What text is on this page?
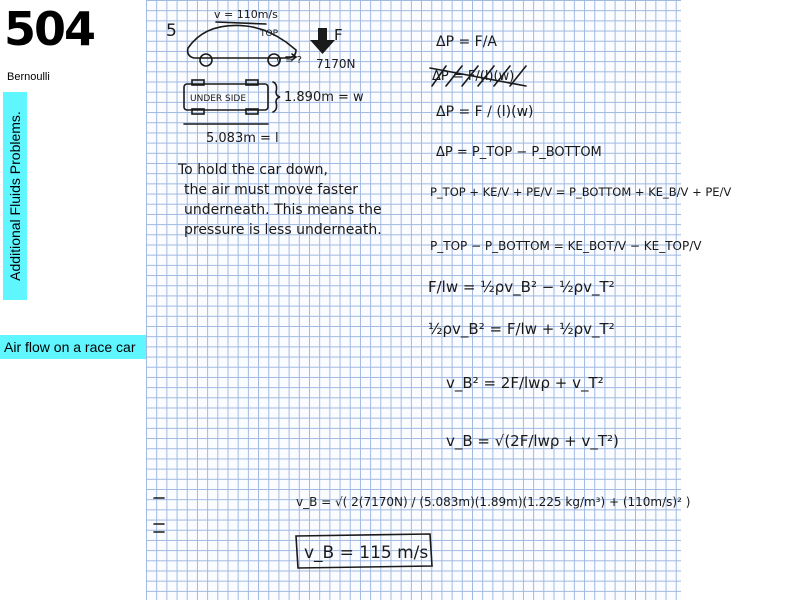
504
Bernoulli
Additional Fluids Problems.
Air flow on a race car
5
v = 110m/s
TOP
v = ?
F
7170N
UNDER SIDE	1.890m = w
5.083m = l
To hold the car down,
the air must move faster
underneath. This means the
pressure is less underneath.
ΔP = F/A
ΔP = F/(l)(w)
ΔP = F / (l)(w)
ΔP = P_TOP − P_BOTTOM
P_TOP + KE/V + PE/V = P_BOTTOM + KE_B/V + PE/V
P_TOP − P_BOTTOM = KE_BOT/V − KE_TOP/V
F/lw = ½ρv_B² − ½ρv_T²
½ρv_B² = F/lw + ½ρv_T²
v_B² = 2F/lwρ + v_T²
v_B = √(2F/lwρ + v_T²)
v_B = √( 2(7170N) / (5.083m)(1.89m)(1.225 kg/m³) + (110m/s)² )
v_B = 115 m/s
